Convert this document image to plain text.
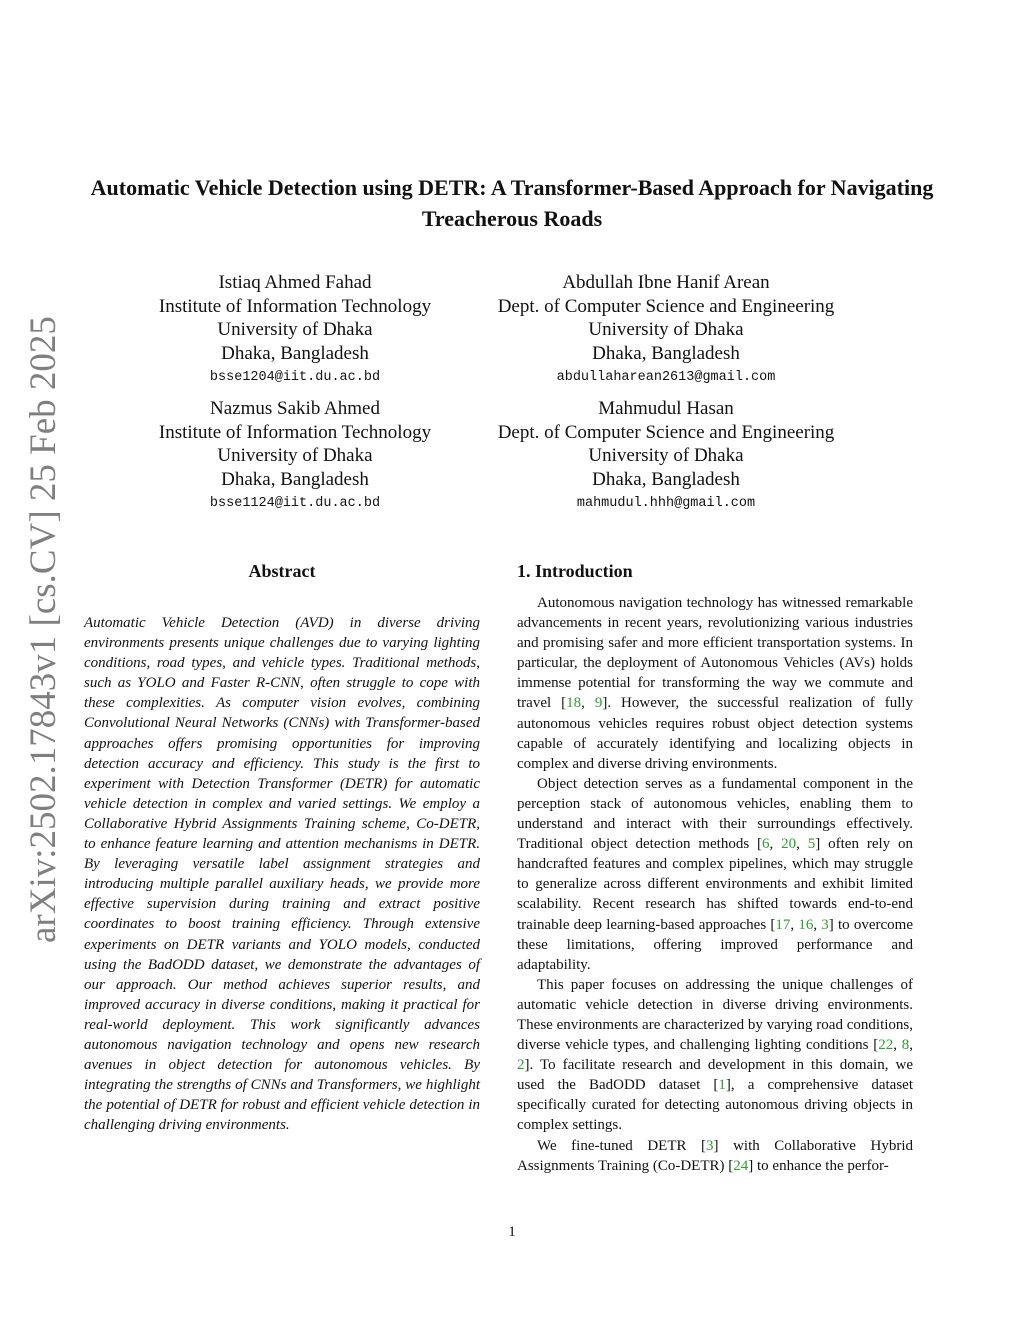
Automatic Vehicle Detection using DETR: A Transformer-Based Approach for Navigating Treacherous Roads
Istiaq Ahmed Fahad
Institute of Information Technology
University of Dhaka
Dhaka, Bangladesh
bsse1204@iit.du.ac.bd
Abdullah Ibne Hanif Arean
Dept. of Computer Science and Engineering
University of Dhaka
Dhaka, Bangladesh
abdullaharean2613@gmail.com
Nazmus Sakib Ahmed
Institute of Information Technology
University of Dhaka
Dhaka, Bangladesh
bsse1124@iit.du.ac.bd
Mahmudul Hasan
Dept. of Computer Science and Engineering
University of Dhaka
Dhaka, Bangladesh
mahmudul.hhh@gmail.com
arXiv:2502.17843v1 [cs.CV] 25 Feb 2025	Abstract

Automatic Vehicle Detection (AVD) in diverse driving environments presents unique challenges due to varying lighting conditions, road types, and vehicle types. Traditional methods, such as YOLO and Faster R-CNN, often struggle to cope with these complexities. As computer vision evolves, combining Convolutional Neural Networks (CNNs) with Transformer-based approaches offers promising opportunities for improving detection accuracy and efficiency. This study is the first to experiment with Detection Transformer (DETR) for automatic vehicle detection in complex and varied settings. We employ a Collaborative Hybrid Assignments Training scheme, Co-DETR, to enhance feature learning and attention mechanisms in DETR. By leveraging versatile label assignment strategies and introducing multiple parallel auxiliary heads, we provide more effective supervision during training and extract positive coordinates to boost training efficiency. Through extensive experiments on DETR variants and YOLO models, conducted using the BadODD dataset, we demonstrate the advantages of our approach. Our method achieves superior results, and improved accuracy in diverse conditions, making it practical for real-world deployment. This work significantly advances autonomous navigation technology and opens new research avenues in object detection for autonomous vehicles. By integrating the strengths of CNNs and Transformers, we highlight the potential of DETR for robust and efficient vehicle detection in challenging driving environments.

1. Introduction

Autonomous navigation technology has witnessed remarkable advancements in recent years, revolutionizing various industries and promising safer and more efficient transportation systems. In particular, the deployment of Autonomous Vehicles (AVs) holds immense potential for transforming the way we commute and travel [18, 9]. However, the successful realization of fully autonomous vehicles requires robust object detection systems capable of accurately identifying and localizing objects in complex and diverse driving environments.

Object detection serves as a fundamental component in the perception stack of autonomous vehicles, enabling them to understand and interact with their surroundings effectively. Traditional object detection methods [6, 20, 5] often rely on handcrafted features and complex pipelines, which may struggle to generalize across different environments and exhibit limited scalability. Recent research has shifted towards end-to-end trainable deep learning-based approaches [17, 16, 3] to overcome these limitations, offering improved performance and adaptability.

This paper focuses on addressing the unique challenges of automatic vehicle detection in diverse driving environments. These environments are characterized by varying road conditions, diverse vehicle types, and challenging lighting conditions [22, 8, 2]. To facilitate research and development in this domain, we used the BadODD dataset [1], a comprehensive dataset specifically curated for detecting autonomous driving objects in complex settings.

We fine-tuned DETR [3] with Collaborative Hybrid Assignments Training (Co-DETR) [24] to enhance the perfor-

1
